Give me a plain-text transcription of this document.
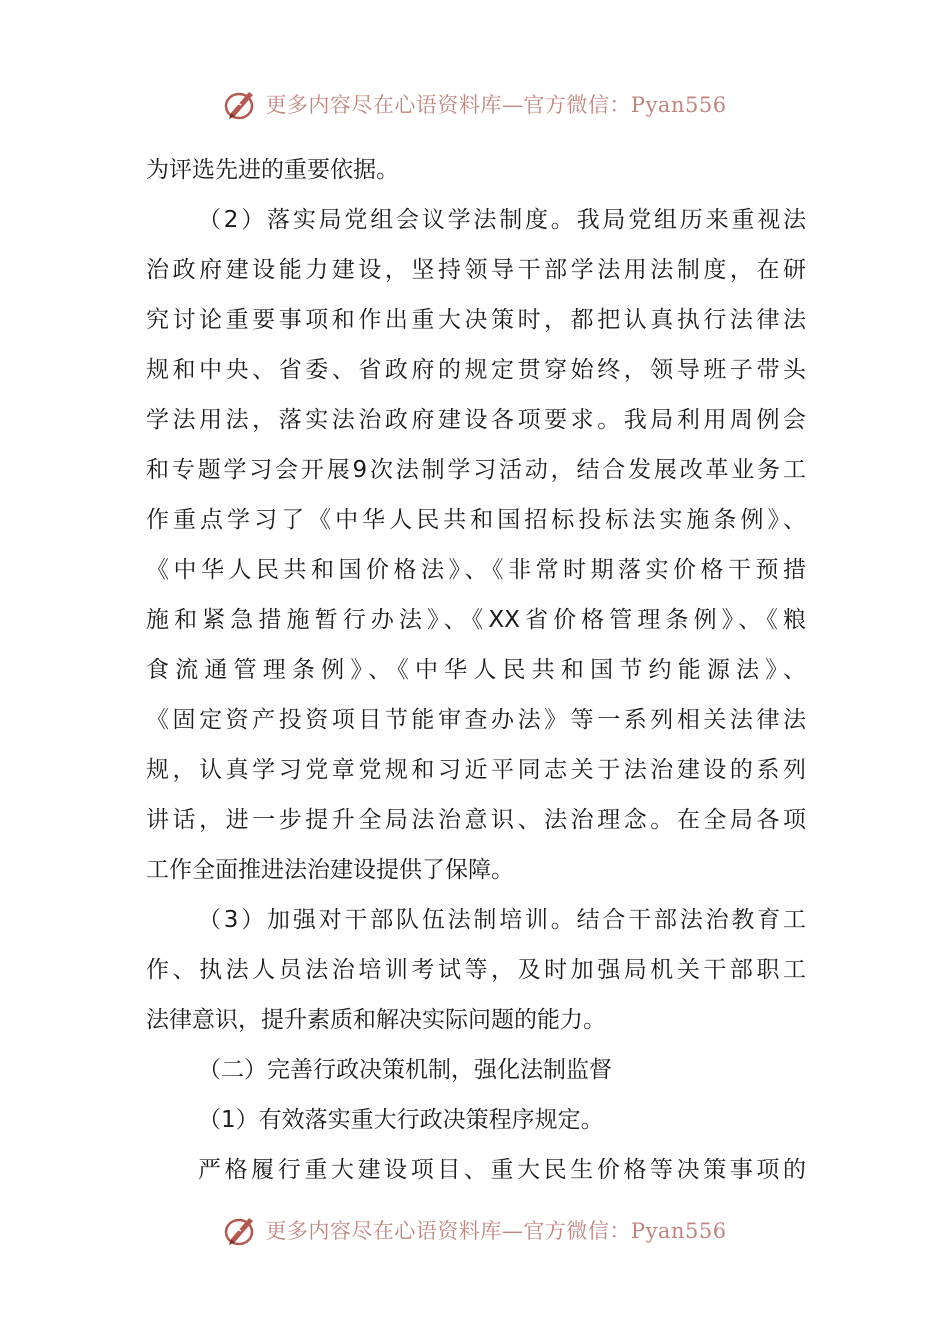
更多内容尽在心语资料库—官方微信：Pyan556
为评选先进的重要依据。
（2）落实局党组会议学法制度。我局党组历来重视法
治政府建设能力建设，坚持领导干部学法用法制度，在研
究讨论重要事项和作出重大决策时，都把认真执行法律法
规和中央、省委、省政府的规定贯穿始终，领导班子带头
学法用法，落实法治政府建设各项要求。我局利用周例会
和专题学习会开展9次法制学习活动，结合发展改革业务工
作重点学习了《中华人民共和国招标投标法实施条例》、
《中华人民共和国价格法》、《非常时期落实价格干预措
施和紧急措施暂行办法》、《XX省价格管理条例》、《粮
食流通管理条例》、《中华人民共和国节约能源法》、
《固定资产投资项目节能审查办法》等一系列相关法律法
规，认真学习党章党规和习近平同志关于法治建设的系列
讲话，进一步提升全局法治意识、法治理念。在全局各项
工作全面推进法治建设提供了保障。
（3）加强对干部队伍法制培训。结合干部法治教育工
作、执法人员法治培训考试等，及时加强局机关干部职工
法律意识，提升素质和解决实际问题的能力。
（二）完善行政决策机制，强化法制监督
（1）有效落实重大行政决策程序规定。
严格履行重大建设项目、重大民生价格等决策事项的
更多内容尽在心语资料库—官方微信：Pyan556
